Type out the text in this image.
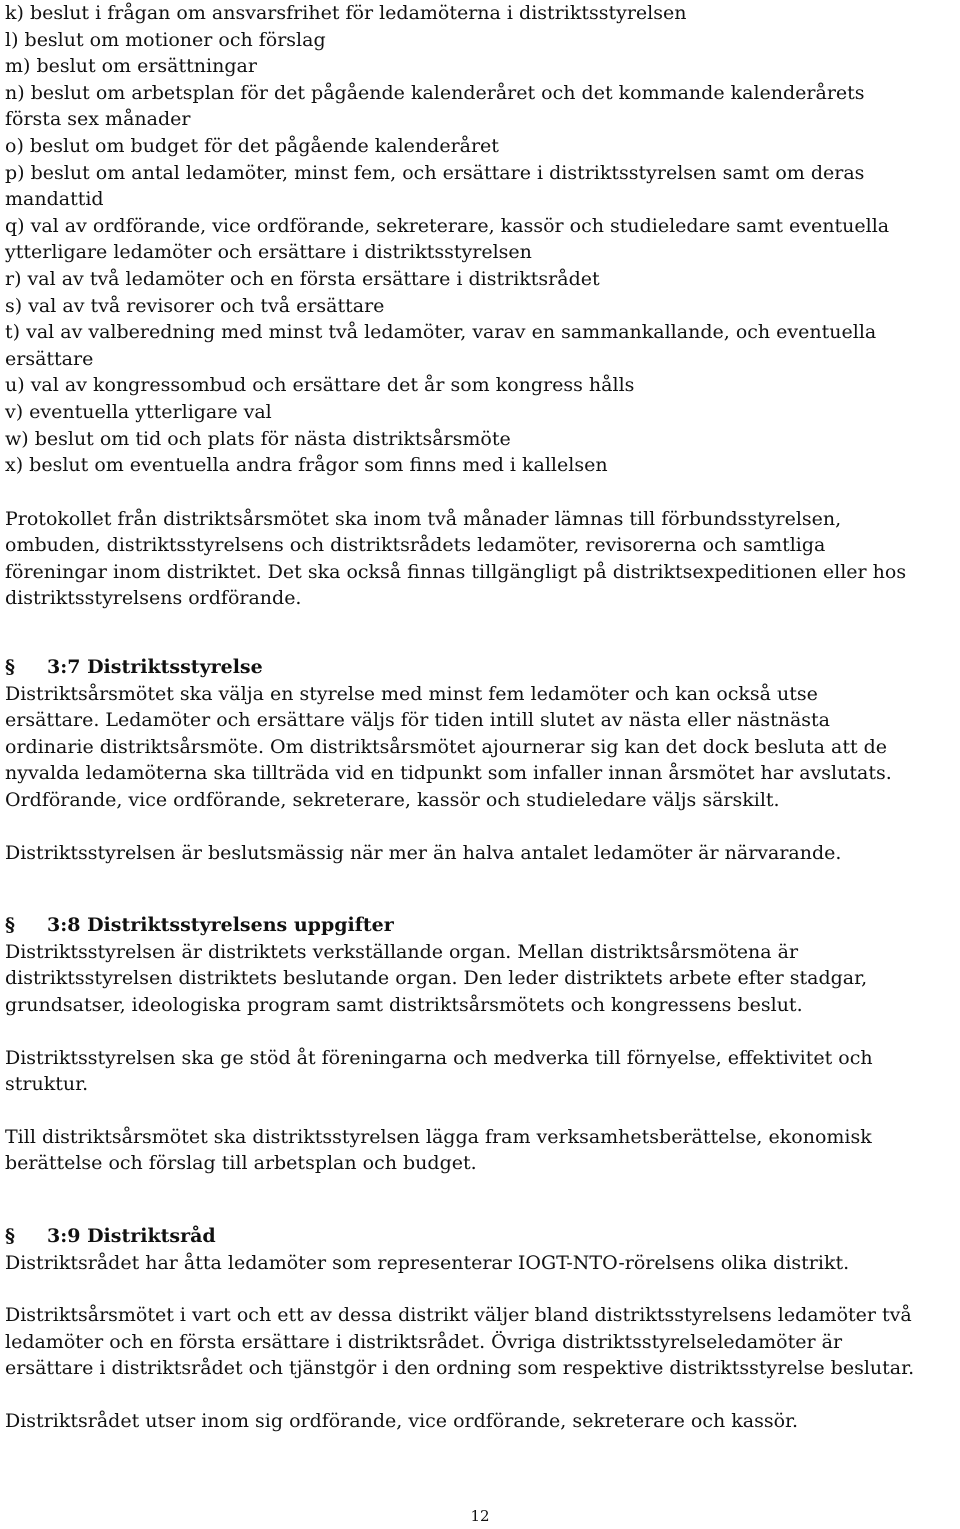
k) beslut i frågan om ansvarsfrihet för ledamöterna i distriktsstyrelsen
l) beslut om motioner och förslag
m) beslut om ersättningar
n) beslut om arbetsplan för det pågående kalenderåret och det kommande kalenderårets
första sex månader
o) beslut om budget för det pågående kalenderåret
p) beslut om antal ledamöter, minst fem, och ersättare i distriktsstyrelsen samt om deras
mandattid
q) val av ordförande, vice ordförande, sekreterare, kassör och studieledare samt eventuella
ytterligare ledamöter och ersättare i distriktsstyrelsen
r) val av två ledamöter och en första ersättare i distriktsrådet
s) val av två revisorer och två ersättare
t) val av valberedning med minst två ledamöter, varav en sammankallande, och eventuella
ersättare
u) val av kongressombud och ersättare det år som kongress hålls
v) eventuella ytterligare val
w) beslut om tid och plats för nästa distriktsårsmöte
x) beslut om eventuella andra frågor som finns med i kallelsen
Protokollet från distriktsårsmötet ska inom två månader lämnas till förbundsstyrelsen,
ombuden, distriktsstyrelsens och distriktsrådets ledamöter, revisorerna och samtliga
föreningar inom distriktet. Det ska också finnas tillgängligt på distriktsexpeditionen eller hos
distriktsstyrelsens ordförande.
§	3:7 Distriktsstyrelse
Distriktsårsmötet ska välja en styrelse med minst fem ledamöter och kan också utse
ersättare. Ledamöter och ersättare väljs för tiden intill slutet av nästa eller nästnästa
ordinarie distriktsårsmöte. Om distriktsårsmötet ajournerar sig kan det dock besluta att de
nyvalda ledamöterna ska tillträda vid en tidpunkt som infaller innan årsmötet har avslutats.
Ordförande, vice ordförande, sekreterare, kassör och studieledare väljs särskilt.
Distriktsstyrelsen är beslutsmässig när mer än halva antalet ledamöter är närvarande.
§	3:8 Distriktsstyrelsens uppgifter
Distriktsstyrelsen är distriktets verkställande organ. Mellan distriktsårsmötena är
distriktsstyrelsen distriktets beslutande organ. Den leder distriktets arbete efter stadgar,
grundsatser, ideologiska program samt distriktsårsmötets och kongressens beslut.
Distriktsstyrelsen ska ge stöd åt föreningarna och medverka till förnyelse, effektivitet och
struktur.
Till distriktsårsmötet ska distriktsstyrelsen lägga fram verksamhetsberättelse, ekonomisk
berättelse och förslag till arbetsplan och budget.
§	3:9 Distriktsråd
Distriktsrådet har åtta ledamöter som representerar IOGT-NTO-rörelsens olika distrikt.
Distriktsårsmötet i vart och ett av dessa distrikt väljer bland distriktsstyrelsens ledamöter två
ledamöter och en första ersättare i distriktsrådet. Övriga distriktsstyrelseledamöter är
ersättare i distriktsrådet och tjänstgör i den ordning som respektive distriktsstyrelse beslutar.
Distriktsrådet utser inom sig ordförande, vice ordförande, sekreterare och kassör.
12
